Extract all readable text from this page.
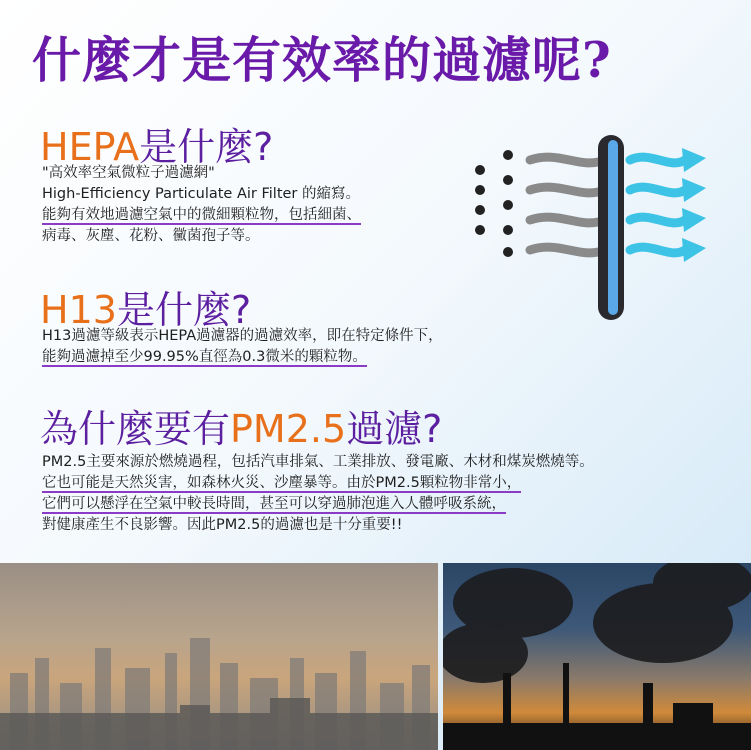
什麼才是有效率的過濾呢?
HEPA是什麼?
"高效率空氣微粒子過濾網"
High-Efficiency Particulate Air Filter 的縮寫。
能夠有效地過濾空氣中的微細顆粒物，包括細菌、
病毒、灰塵、花粉、黴菌孢子等。
H13是什麼?
H13過濾等級表示HEPA過濾器的過濾效率，即在特定條件下，
能夠過濾掉至少99.95%直徑為0.3微米的顆粒物。
為什麼要有PM2.5過濾?
PM2.5主要來源於燃燒過程，包括汽車排氣、工業排放、發電廠、木材和煤炭燃燒等。
它也可能是天然災害，如森林火災、沙塵暴等。由於PM2.5顆粒物非常小，
它們可以懸浮在空氣中較長時間，甚至可以穿過肺泡進入人體呼吸系統，
對健康產生不良影響。因此PM2.5的過濾也是十分重要!!
